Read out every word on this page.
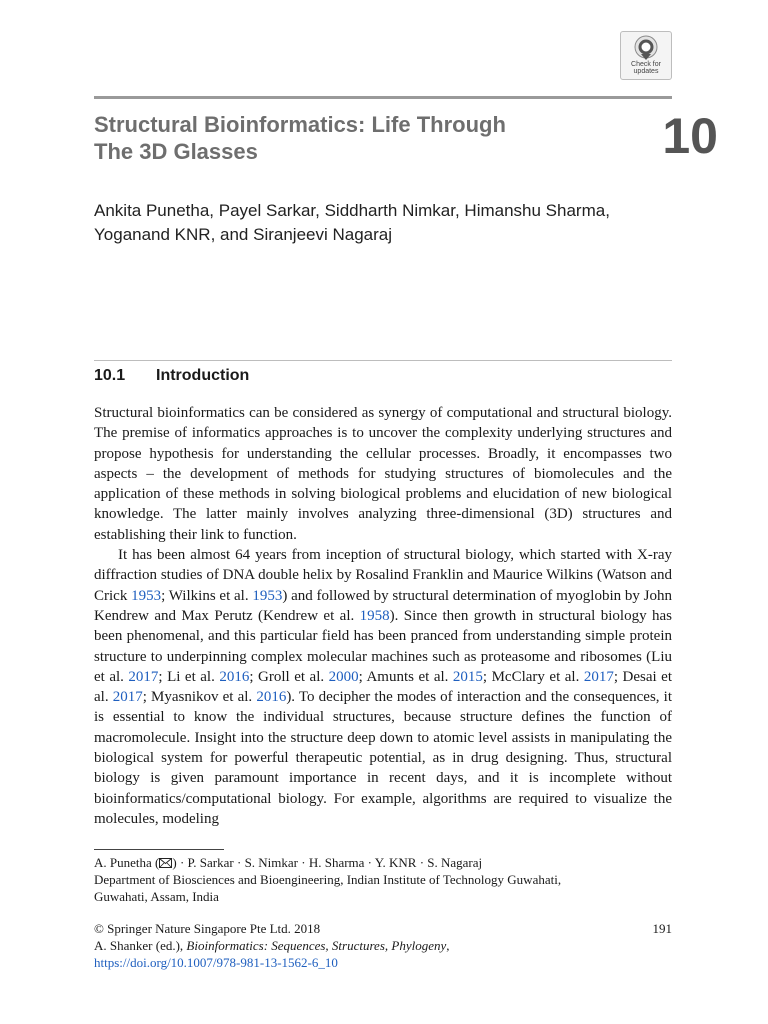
Check for
updates
Structural Bioinformatics: Life Through
The 3D Glasses	10
Ankita Punetha, Payel Sarkar, Siddharth Nimkar, Himanshu Sharma,
Yoganand KNR, and Siranjeevi Nagaraj
10.1 Introduction

Structural bioinformatics can be considered as synergy of computational and structural biology. The premise of informatics approaches is to uncover the complexity underlying structures and propose hypothesis for understanding the cellular processes. Broadly, it encompasses two aspects – the development of methods for studying structures of biomolecules and the application of these methods in solving biological problems and elucidation of new biological knowledge. The latter mainly involves analyzing three-dimensional (3D) structures and establishing their link to function.

It has been almost 64 years from inception of structural biology, which started with X-ray diffraction studies of DNA double helix by Rosalind Franklin and Maurice Wilkins (Watson and Crick 1953; Wilkins et al. 1953) and followed by structural determination of myoglobin by John Kendrew and Max Perutz (Kendrew et al. 1958). Since then growth in structural biology has been phenomenal, and this particular field has been pranced from understanding simple protein structure to underpinning complex molecular machines such as proteasome and ribosomes (Liu et al. 2017; Li et al. 2016; Groll et al. 2000; Amunts et al. 2015; McClary et al. 2017; Desai et al. 2017; Myasnikov et al. 2016). To decipher the modes of interaction and the consequences, it is essential to know the individual structures, because structure defines the function of macromolecule. Insight into the structure deep down to atomic level assists in manipulating the biological system for powerful therapeutic potential, as in drug designing. Thus, structural biology is given paramount importance in recent days, and it is incomplete without bioinformatics/computational biology. For example, algorithms are required to visualize the molecules, modeling

A. Punetha ( ) · P. Sarkar · S. Nimkar · H. Sharma · Y. KNR · S. Nagaraj
Department of Biosciences and Bioengineering, Indian Institute of Technology Guwahati,
Guwahati, Assam, India
© Springer Nature Singapore Pte Ltd. 2018
A. Shanker (ed.), Bioinformatics: Sequences, Structures, Phylogeny,
https://doi.org/10.1007/978-981-13-1562-6_10
191
